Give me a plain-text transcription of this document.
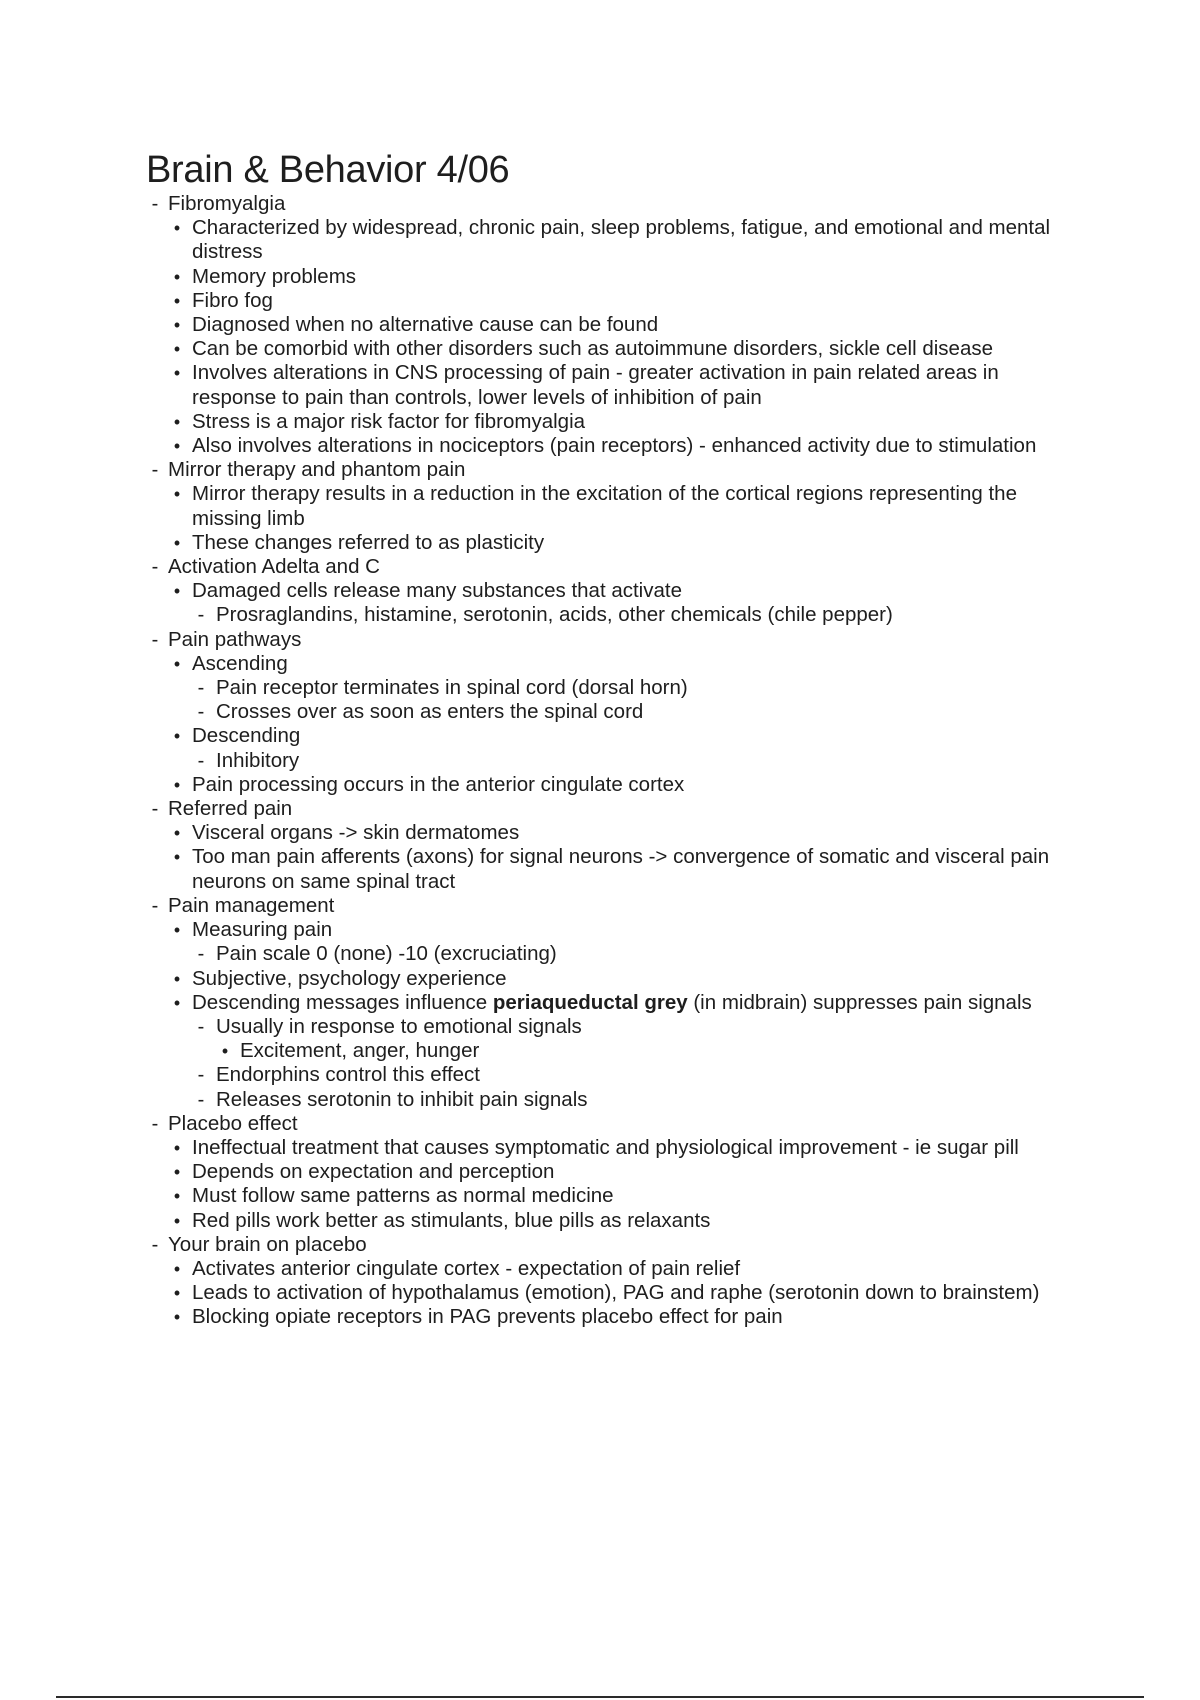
Brain & Behavior 4/06

- Fibromyalgia

• Characterized by widespread, chronic pain, sleep problems, fatigue, and emotional and mental distress

• Memory problems

• Fibro fog

• Diagnosed when no alternative cause can be found

• Can be comorbid with other disorders such as autoimmune disorders, sickle cell disease

• Involves alterations in CNS processing of pain - greater activation in pain related areas in response to pain than controls, lower levels of inhibition of pain

• Stress is a major risk factor for fibromyalgia

• Also involves alterations in nociceptors (pain receptors) - enhanced activity due to stimulation

- Mirror therapy and phantom pain

• Mirror therapy results in a reduction in the excitation of the cortical regions representing the missing limb

• These changes referred to as plasticity

- Activation Adelta and C

• Damaged cells release many substances that activate

- Prosraglandins, histamine, serotonin, acids, other chemicals (chile pepper)

- Pain pathways

• Ascending

- Pain receptor terminates in spinal cord (dorsal horn)

- Crosses over as soon as enters the spinal cord

• Descending

- Inhibitory

• Pain processing occurs in the anterior cingulate cortex

- Referred pain

• Visceral organs -> skin dermatomes

• Too man pain afferents (axons) for signal neurons -> convergence of somatic and visceral pain neurons on same spinal tract

- Pain management

• Measuring pain

- Pain scale 0 (none) -10 (excruciating)

• Subjective, psychology experience

• Descending messages influence periaqueductal grey (in midbrain) suppresses pain signals

- Usually in response to emotional signals

• Excitement, anger, hunger

- Endorphins control this effect

- Releases serotonin to inhibit pain signals

- Placebo effect

• Ineffectual treatment that causes symptomatic and physiological improvement - ie sugar pill

• Depends on expectation and perception

• Must follow same patterns as normal medicine

• Red pills work better as stimulants, blue pills as relaxants

- Your brain on placebo

• Activates anterior cingulate cortex - expectation of pain relief

• Leads to activation of hypothalamus (emotion), PAG and raphe (serotonin down to brainstem)

• Blocking opiate receptors in PAG prevents placebo effect for pain
